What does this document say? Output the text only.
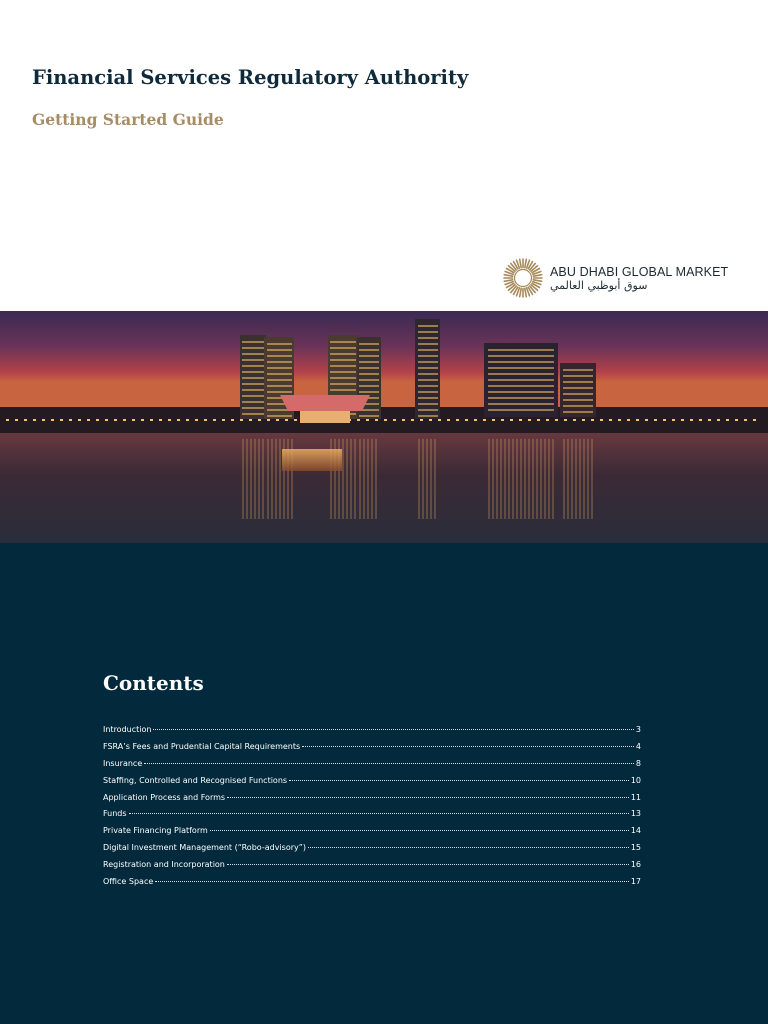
Financial Services Regulatory Authority
Getting Started Guide
ABU DHABI GLOBAL MARKET
سوق أبوظبي العالمي
Contents
Introduction	3
FSRA’s Fees and Prudential Capital Requirements	4
Insurance	8
Staffing, Controlled and Recognised Functions	10
Application Process and Forms	11
Funds	13
Private Financing Platform	14
Digital Investment Management (“Robo-advisory”)	15
Registration and Incorporation	16
Office Space	17
